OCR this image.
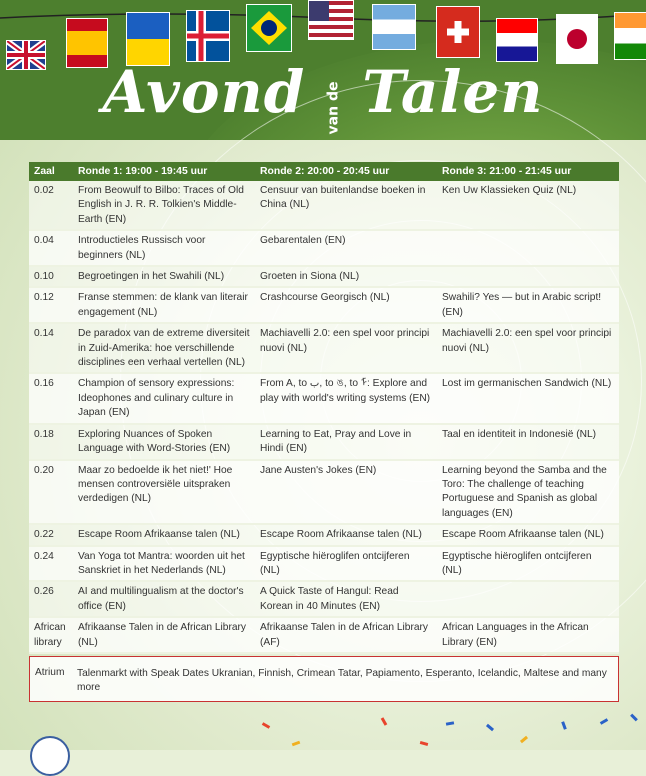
Avond van de Talen
Zaal	Ronde 1: 19:00 - 19:45 uur	Ronde 2: 20:00 - 20:45 uur	Ronde 3: 21:00 - 21:45 uur
0.02	From Beowulf to Bilbo: Traces of Old English in J. R. R. Tolkien's Middle-Earth (EN)	Censuur van buitenlandse boeken in China (NL)	Ken Uw Klassieken Quiz (NL)
0.04	Introductieles Russisch voor beginners (NL)	Gebarentalen (EN)	
0.10	Begroetingen in het Swahili (NL)	Groeten in Siona (NL)	
0.12	Franse stemmen: de klank van literair engagement (NL)	Crashcourse Georgisch (NL)	Swahili? Yes — but in Arabic script! (EN)
0.14	De paradox van de extreme diversiteit in Zuid-Amerika: hoe verschillende disciplines een verhaal vertellen (NL)	Machiavelli 2.0: een spel voor principi nuovi (NL)	Machiavelli 2.0: een spel voor principi nuovi (NL)
0.16	Champion of sensory expressions: Ideophones and culinary culture in Japan (EN)	From A, to ب, to ঙ, to ᠮ: Explore and play with world's writing systems (EN)	Lost im germanischen Sandwich (NL)
0.18	Exploring Nuances of Spoken Language with Word-Stories (EN)	Learning to Eat, Pray and Love in Hindi (EN)	Taal en identiteit in Indonesië (NL)
0.20	Maar zo bedoelde ik het niet!' Hoe mensen controversiële uitspraken verdedigen (NL)	Jane Austen's Jokes (EN)	Learning beyond the Samba and the Toro: The challenge of teaching Portuguese and Spanish as global languages (EN)
0.22	Escape Room Afrikaanse talen (NL)	Escape Room Afrikaanse talen (NL)	Escape Room Afrikaanse talen (NL)
0.24	Van Yoga tot Mantra: woorden uit het Sanskriet in het Nederlands (NL)	Egyptische hiëroglifen ontcijferen (NL)	Egyptische hiëroglifen ontcijferen (NL)
0.26	AI and multilingualism at the doctor's office (EN)	A Quick Taste of Hangul: Read Korean in 40 Minutes (EN)	
African library	Afrikaanse Talen in de African Library (NL)	Afrikaanse Talen in de African Library (AF)	African Languages in the African Library (EN)
Atrium Talenmarkt with Speak Dates Ukranian, Finnish, Crimean Tatar, Papiamento, Esperanto, Icelandic, Maltese and many more
